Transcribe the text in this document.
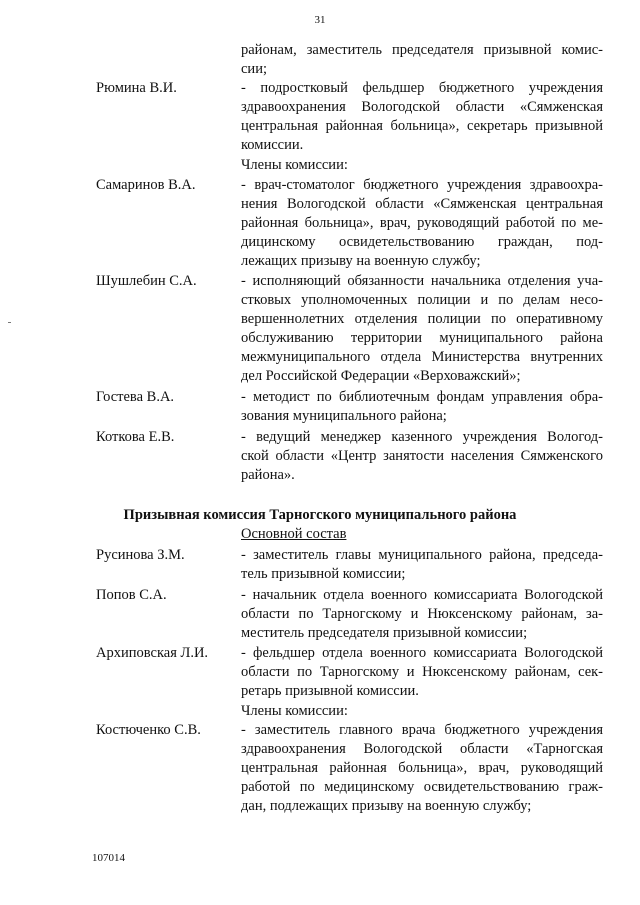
31
районам, заместитель председателя призывной комис-
сии;
Рюмина В.И.	- подростковый фельдшер бюджетного учреждения
здравоохранения Вологодской области «Сямженская
центральная районная больница», секретарь призывной
комиссии.
Члены комиссии:
Самаринов В.А.	- врач-стоматолог бюджетного учреждения здравоохра-
нения Вологодской области «Сямженская центральная
районная больница», врач, руководящий работой по ме-
дицинскому освидетельствованию граждан, под-
лежащих призыву на военную службу;
Шушлебин С.А.	- исполняющий обязанности начальника отделения уча-
стковых уполномоченных полиции и по делам несо-
вершеннолетних отделения полиции по оперативному
обслуживанию территории муниципального района
межмуниципального отдела Министерства внутренних
дел Российской Федерации «Верховажский»;
Гостева В.А.	- методист по библиотечным фондам управления обра-
зования муниципального района;
Коткова Е.В.	- ведущий менеджер казенного учреждения Вологод-
ской области «Центр занятости населения Сямженского
района».
Призывная комиссия Тарногского муниципального района
Основной состав
Русинова З.М.	- заместитель главы муниципального района, председа-
тель призывной комиссии;
Попов С.А.	- начальник отдела военного комиссариата Вологодской
области по Тарногскому и Нюксенскому районам, за-
меститель председателя призывной комиссии;
Архиповская Л.И. - фельдшер отдела военного комиссариата Вологодской
области по Тарногскому и Нюксенскому районам, сек-
ретарь призывной комиссии.
Члены комиссии:
Костюченко С.В.	- заместитель главного врача бюджетного учреждения
здравоохранения Вологодской области «Тарногская
центральная районная больница», врач, руководящий
работой по медицинскому освидетельствованию граж-
дан, подлежащих призыву на военную службу;
107014
